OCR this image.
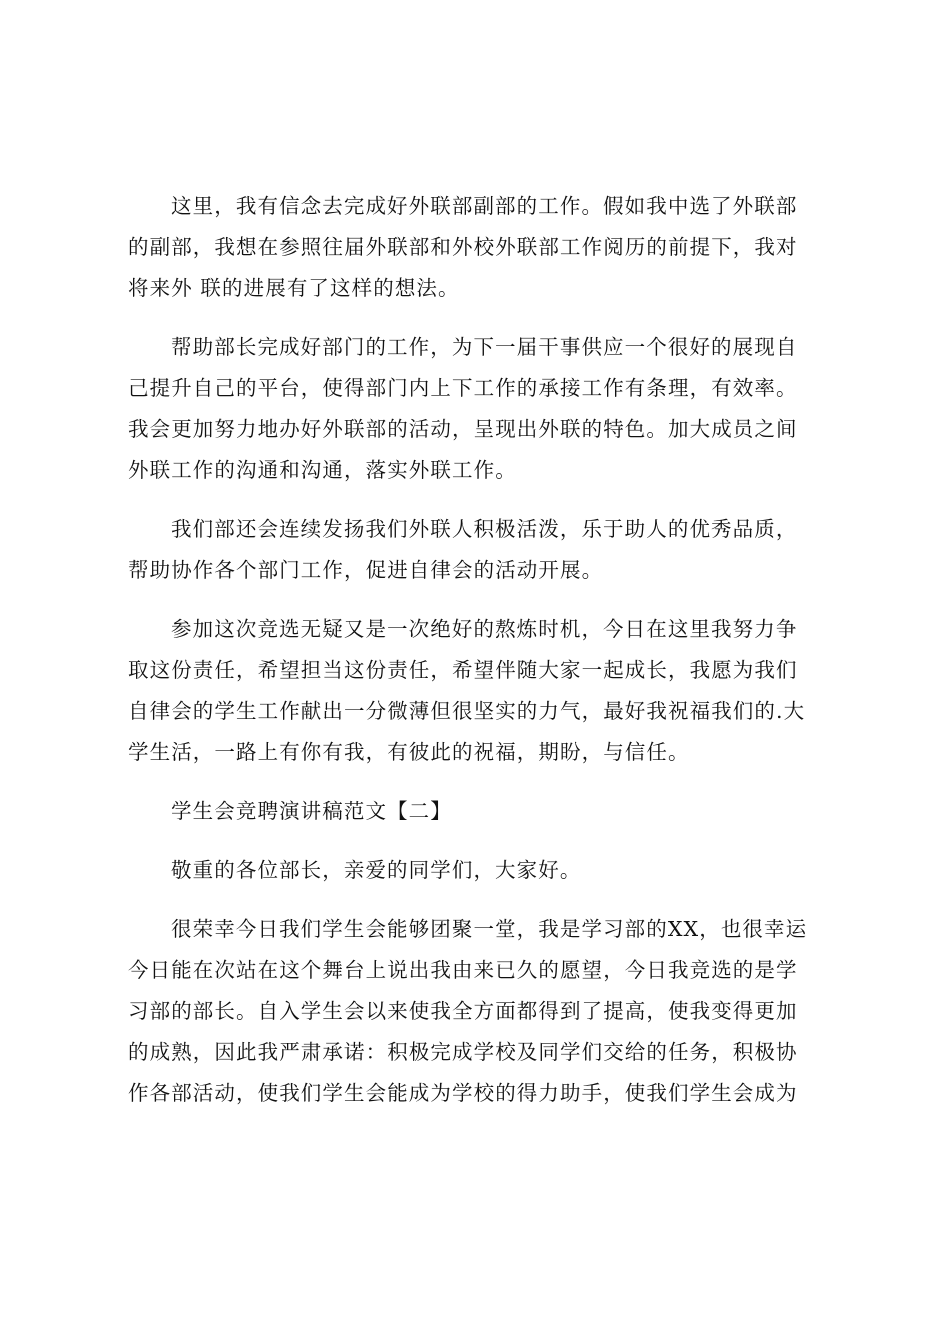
这里，我有信念去完成好外联部副部的工作。假如我中选了外联部
的副部，我想在参照往届外联部和外校外联部工作阅历的前提下，我对
将来外 联的进展有了这样的想法。
帮助部长完成好部门的工作，为下一届干事供应一个很好的展现自
己提升自己的平台，使得部门内上下工作的承接工作有条理，有效率。
我会更加努力地办好外联部的活动，呈现出外联的特色。加大成员之间
外联工作的沟通和沟通，落实外联工作。
我们部还会连续发扬我们外联人积极活泼，乐于助人的优秀品质，
帮助协作各个部门工作，促进自律会的活动开展。
参加这次竞选无疑又是一次绝好的熬炼时机，今日在这里我努力争
取这份责任，希望担当这份责任，希望伴随大家一起成长，我愿为我们
自律会的学生工作献出一分微薄但很坚实的力气，最好我祝福我们的.大
学生活，一路上有你有我，有彼此的祝福，期盼，与信任。
学生会竞聘演讲稿范文【二】
敬重的各位部长，亲爱的同学们，大家好。
很荣幸今日我们学生会能够团聚一堂，我是学习部的XX，也很幸运
今日能在次站在这个舞台上说出我由来已久的愿望，今日我竞选的是学
习部的部长。自入学生会以来使我全方面都得到了提高，使我变得更加
的成熟，因此我严肃承诺：积极完成学校及同学们交给的任务，积极协
作各部活动，使我们学生会能成为学校的得力助手，使我们学生会成为
